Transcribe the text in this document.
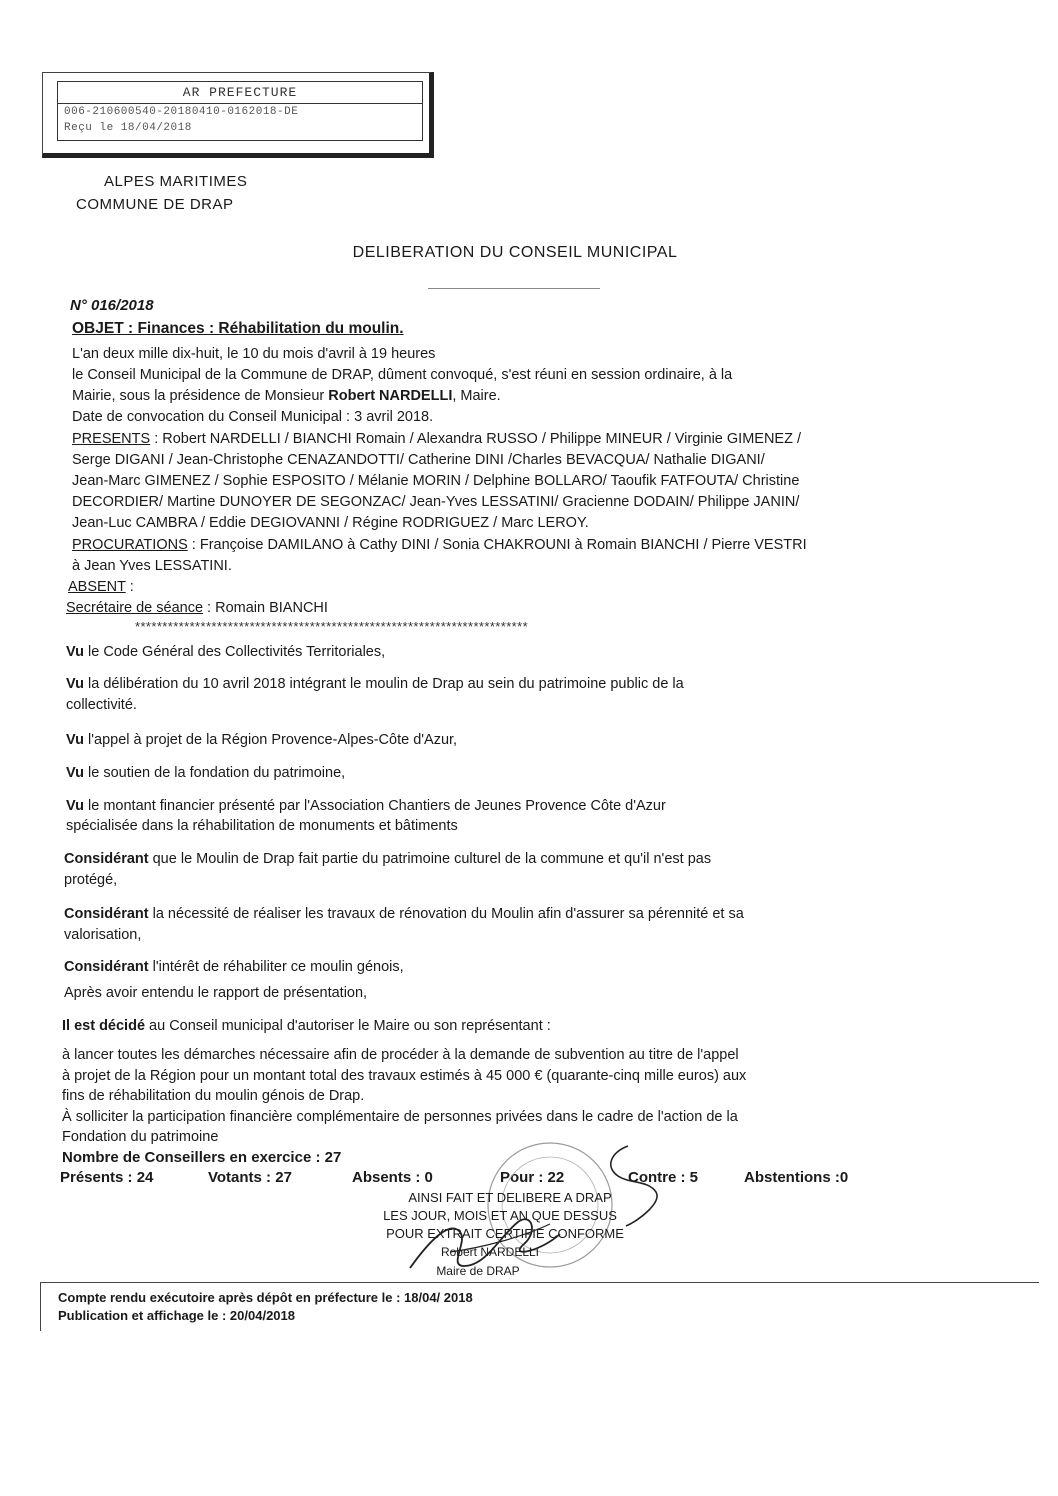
AR PREFECTURE
006-210600540-20180410-0162018-DE
Reçu le 18/04/2018
ALPES MARITIMES
COMMUNE DE DRAP
DELIBERATION DU CONSEIL MUNICIPAL
N° 016/2018
OBJET : Finances : Réhabilitation du moulin.
L'an deux mille dix-huit, le 10 du mois d'avril à 19 heures
le Conseil Municipal de la Commune de DRAP, dûment convoqué, s'est réuni en session ordinaire, à la
Mairie, sous la présidence de Monsieur Robert NARDELLI, Maire.
Date de convocation du Conseil Municipal : 3 avril 2018.
PRESENTS : Robert NARDELLI / BIANCHI Romain / Alexandra RUSSO / Philippe MINEUR / Virginie GIMENEZ /
Serge DIGANI / Jean-Christophe CENAZANDOTTI/ Catherine DINI /Charles BEVACQUA/ Nathalie DIGANI/
Jean-Marc GIMENEZ / Sophie ESPOSITO / Mélanie MORIN / Delphine BOLLARO/ Taoufik FATFOUTA/ Christine
DECORDIER/ Martine DUNOYER DE SEGONZAC/ Jean-Yves LESSATINI/ Gracienne DODAIN/ Philippe JANIN/
Jean-Luc CAMBRA / Eddie DEGIOVANNI / Régine RODRIGUEZ / Marc LEROY.
PROCURATIONS : Françoise DAMILANO à Cathy DINI / Sonia CHAKROUNI à Romain BIANCHI / Pierre VESTRI
à Jean Yves LESSATINI.
ABSENT :
Secrétaire de séance : Romain BIANCHI
************************************************************************
Vu le Code Général des Collectivités Territoriales,
Vu la délibération du 10 avril 2018 intégrant le moulin de Drap au sein du patrimoine public de la
collectivité.
Vu l'appel à projet de la Région Provence-Alpes-Côte d'Azur,
Vu le soutien de la fondation du patrimoine,
Vu le montant financier présenté par l'Association Chantiers de Jeunes Provence Côte d'Azur
spécialisée dans la réhabilitation de monuments et bâtiments
Considérant que le Moulin de Drap fait partie du patrimoine culturel de la commune et qu'il n'est pas
protégé,
Considérant la nécessité de réaliser les travaux de rénovation du Moulin afin d'assurer sa pérennité et sa
valorisation,
Considérant l'intérêt de réhabiliter ce moulin génois,
Après avoir entendu le rapport de présentation,
Il est décidé au Conseil municipal d'autoriser le Maire ou son représentant :
à lancer toutes les démarches nécessaire afin de procéder à la demande de subvention au titre de l'appel
à projet de la Région pour un montant total des travaux estimés à 45 000 € (quarante-cinq mille euros) aux
fins de réhabilitation du moulin génois de Drap.
À solliciter la participation financière complémentaire de personnes privées dans le cadre de l'action de la
Fondation du patrimoine
Nombre de Conseillers en exercice : 27
Présents : 24	Votants : 27	Absents : 0	Pour : 22	Contre : 5	Abstentions :0
AINSI FAIT ET DELIBERE A DRAP
LES JOUR, MOIS ET AN QUE DESSUS
POUR EXTRAIT CERTIFIE CONFORME
Robert NARDELLI
Maire de DRAP
Compte rendu exécutoire après dépôt en préfecture le : 18/04/ 2018
Publication et affichage le : 20/04/2018
